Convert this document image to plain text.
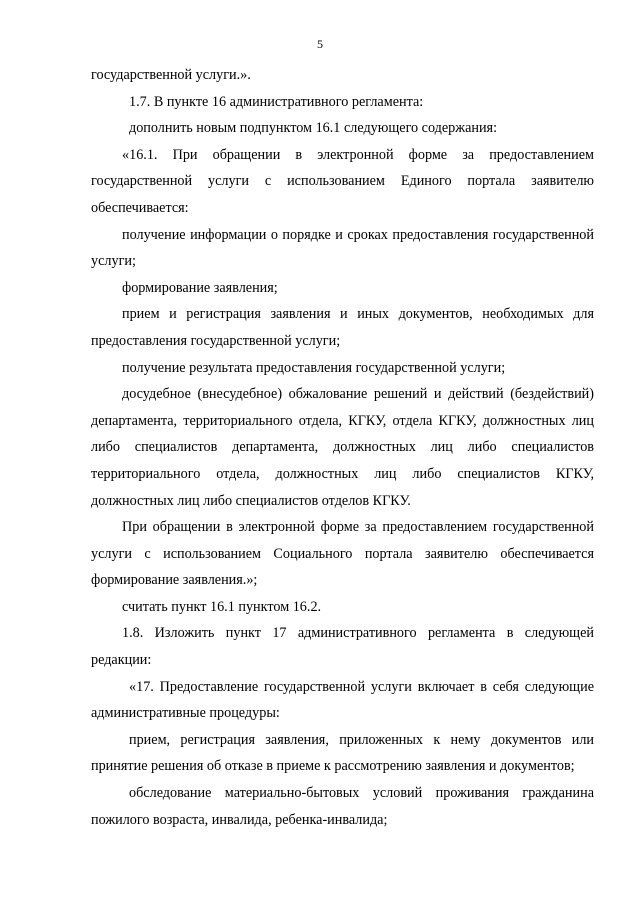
5

государственной услуги.».

1.7. В пункте 16 административного регламента:

дополнить новым подпунктом 16.1 следующего содержания:

«16.1. При обращении в электронной форме за предоставлением государственной услуги с использованием Единого портала заявителю обеспечивается:

получение информации о порядке и сроках предоставления государственной услуги;

формирование заявления;

прием и регистрация заявления и иных документов, необходимых для предоставления государственной услуги;

получение результата предоставления государственной услуги;

досудебное (внесудебное) обжалование решений и действий (бездействий) департамента, территориального отдела, КГКУ, отдела КГКУ, должностных лиц либо специалистов департамента, должностных лиц либо специалистов территориального отдела, должностных лиц либо специалистов КГКУ, должностных лиц либо специалистов отделов КГКУ.

При обращении в электронной форме за предоставлением государственной услуги с использованием Социального портала заявителю обеспечивается формирование заявления.»;

считать пункт 16.1 пунктом 16.2.

1.8. Изложить пункт 17 административного регламента в следующей редакции:

«17. Предоставление государственной услуги включает в себя следующие административные процедуры:

прием, регистрация заявления, приложенных к нему документов или принятие решения об отказе в приеме к рассмотрению заявления и документов;

обследование материально-бытовых условий проживания гражданина пожилого возраста, инвалида, ребенка-инвалида;
